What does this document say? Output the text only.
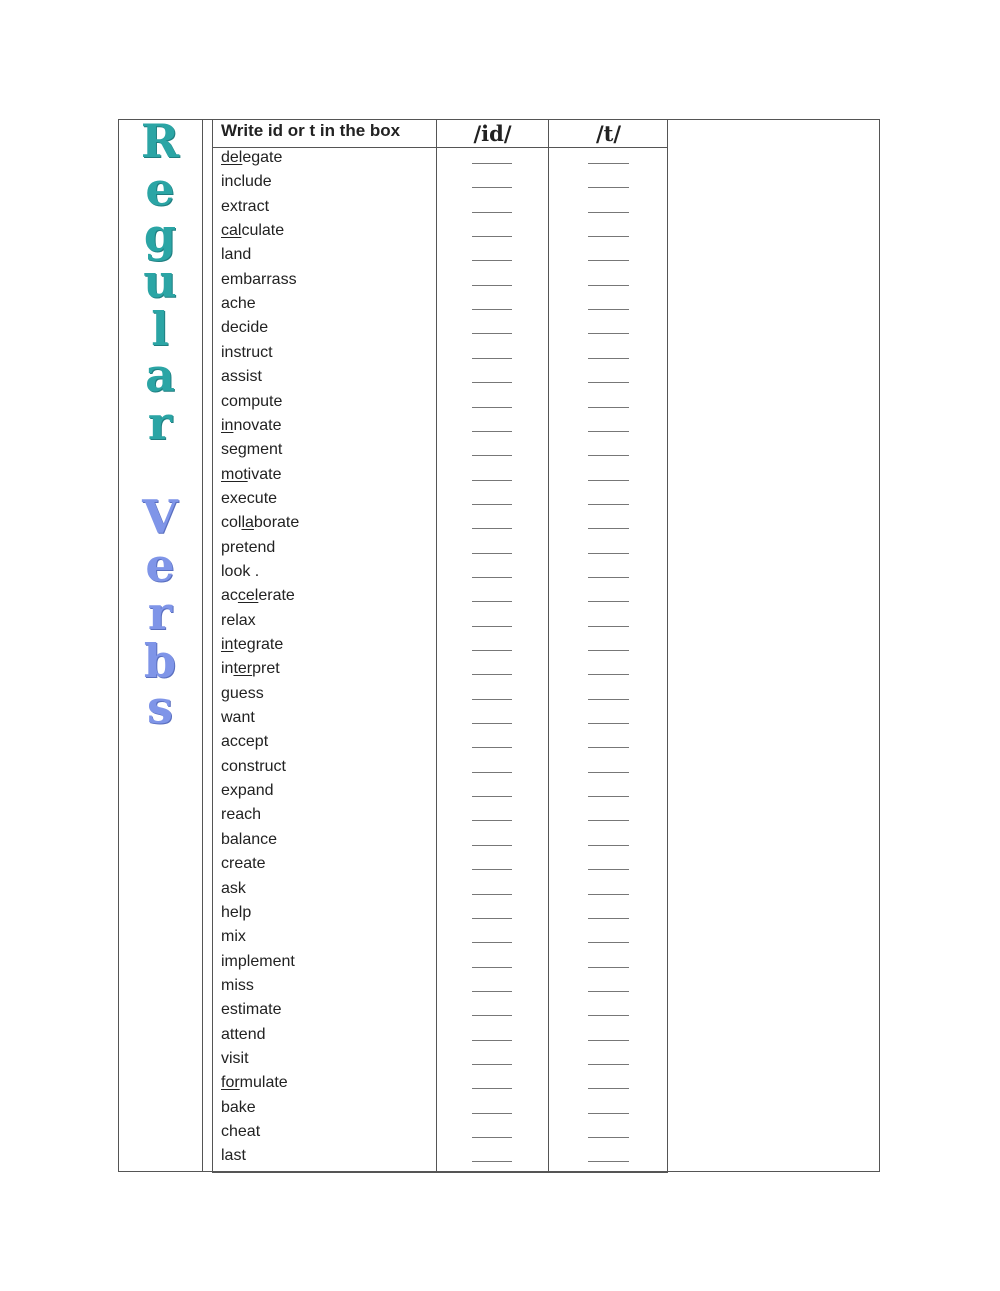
R
e
g
u
l
a
r
V
e
r
b
s
Write id or t in the box	/id/	/t/
delegate
include
extract
calculate
land
embarrass
ache
decide
instruct
assist
compute
innovate
segment
motivate
execute
collaborate
pretend
look .
accelerate
relax
integrate
interpret
guess
want
accept
construct
expand
reach
balance
create
ask
help
mix
implement
miss
estimate
attend
visit
formulate
bake
cheat
last
